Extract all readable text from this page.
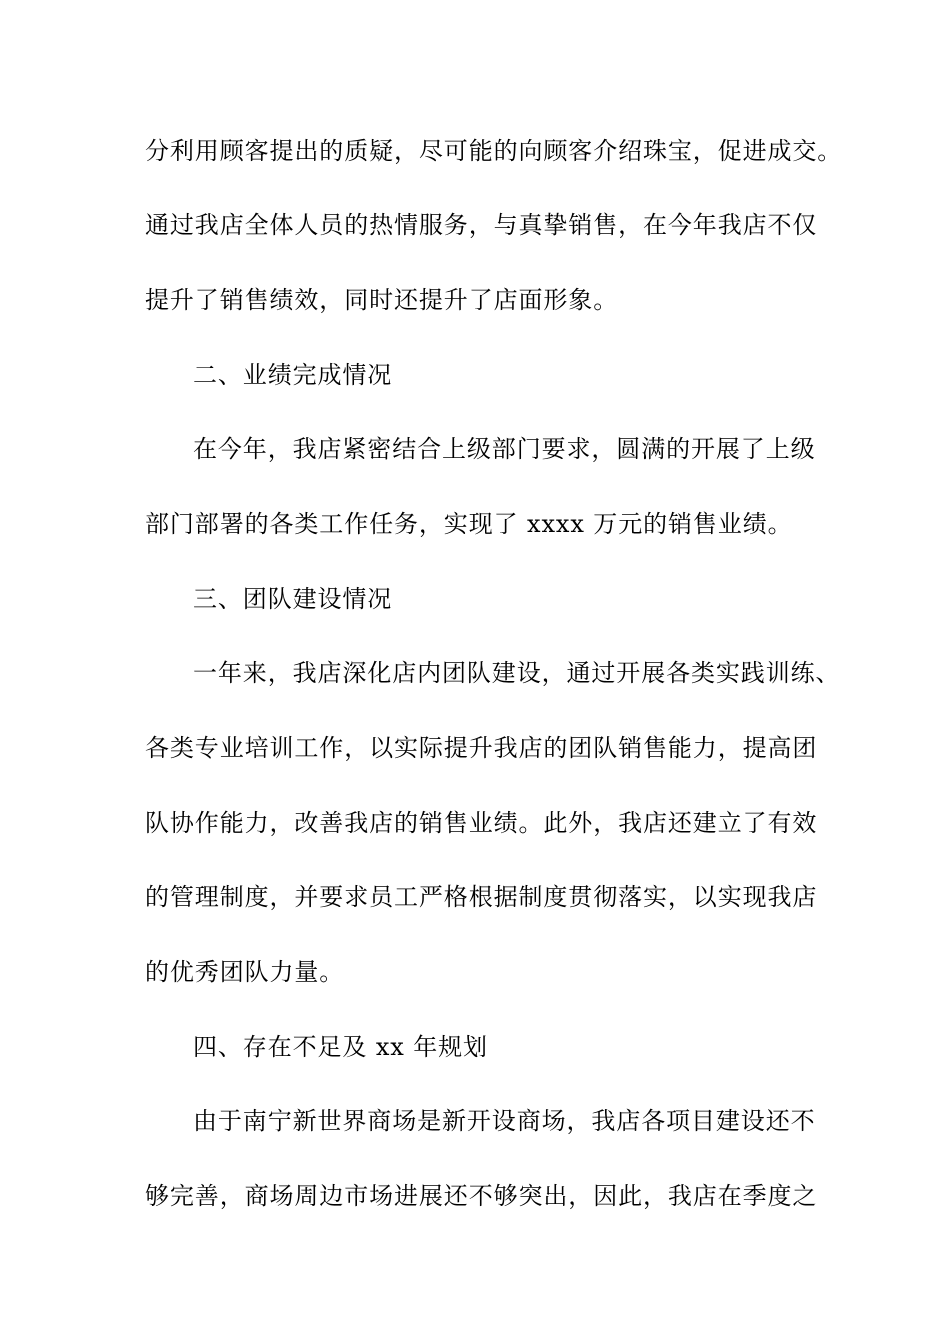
分利用顾客提出的质疑，尽可能的向顾客介绍珠宝，促进成交。
通过我店全体人员的热情服务，与真挚销售，在今年我店不仅
提升了销售绩效，同时还提升了店面形象。
二、业绩完成情况
在今年，我店紧密结合上级部门要求，圆满的开展了上级
部门部署的各类工作任务，实现了 xxxx 万元的销售业绩。
三、团队建设情况
一年来，我店深化店内团队建设，通过开展各类实践训练、
各类专业培训工作，以实际提升我店的团队销售能力，提高团
队协作能力，改善我店的销售业绩。此外，我店还建立了有效
的管理制度，并要求员工严格根据制度贯彻落实，以实现我店
的优秀团队力量。
四、存在不足及 xx 年规划
由于南宁新世界商场是新开设商场，我店各项目建设还不
够完善，商场周边市场进展还不够突出，因此，我店在季度之
